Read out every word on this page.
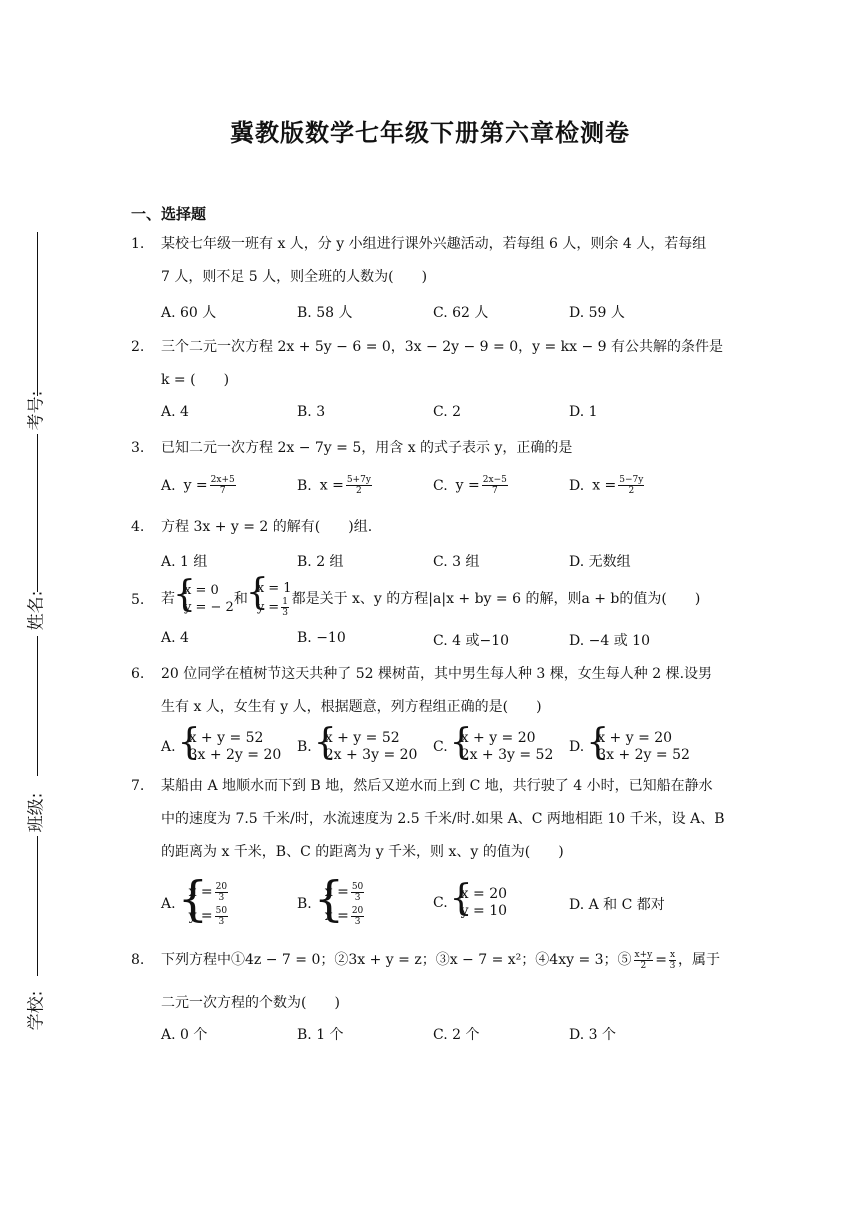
冀教版数学七年级下册第六章检测卷
一、选择题
考号:
姓名:
班级:
学校:
1. 某校七年级一班有 x 人，分 y 小组进行课外兴趣活动，若每组 6 人，则余 4 人，若每组
7 人，则不足 5 人，则全班的人数为(　　)
A. 60 人	B. 58 人	C. 62 人	D. 59 人
2. 三个二元一次方程 2x + 5y − 6 = 0，3x − 2y − 9 = 0，y = kx − 9 有公共解的条件是
k = (　　)
A. 4	B. 3	C. 2	D. 1
3. 已知二元一次方程 2x − 7y = 5，用含 x 的式子表示 y，正确的是
A. $y = \frac{2x+5}{7}$	B. $x = \frac{5+7y}{2}$	C. $y = \frac{2x-5}{7}$	D. $x = \frac{5-7y}{2}$
4. 方程 3x + y = 2 的解有(　　)组.
A. 1 组	B. 2 组	C. 3 组	D. 无数组
5. 若
{ x = 0
y = − 2
和
{ x = 1
$y = \frac{1}{3}$ 都是关于 x、y 的方程|a|x + by = 6 的解，则a + b的值为(　　)
A. 4	B. −10	C. 4 或−10	D. −4 或 10
6. 20 位同学在植树节这天共种了 52 棵树苗，其中男生每人种 3 棵，女生每人种 2 棵.设男
生有 x 人，女生有 y 人，根据题意，列方程组正确的是(　　)
A.
{ x + y = 52
3x + 2y = 20 B.
{ x + y = 52
2x + 3y = 20 C.
{ x + y = 20
2x + 3y = 52 D.
{ x + y = 20
3x + 2y = 52
7. 某船由 A 地顺水而下到 B 地，然后又逆水而上到 C 地，共行驶了 4 小时，已知船在静水
中的速度为 7.5 千米/时，水流速度为 2.5 千米/时.如果 A、C 两地相距 10 千米，设 A、B
的距离为 x 千米，B、C 的距离为 y 千米，则 x、y 的值为(　　)
A.
{ $x = \frac{20}{3}$
$y = \frac{50}{3}$
B.
{ $x = \frac{50}{3}$
$x = \frac{20}{3}$
C.
{ x = 20
y = 10	D. A 和 C 都对
8. 下列方程中①4z − 7 = 0；②3x + y = z；③x − 7 = x²；④4xy = 3；⑤ $\frac{x+y}{2} = \frac{x}{3}$ ，属于
二元一次方程的个数为(　　)
A. 0 个	B. 1 个	C. 2 个	D. 3 个
